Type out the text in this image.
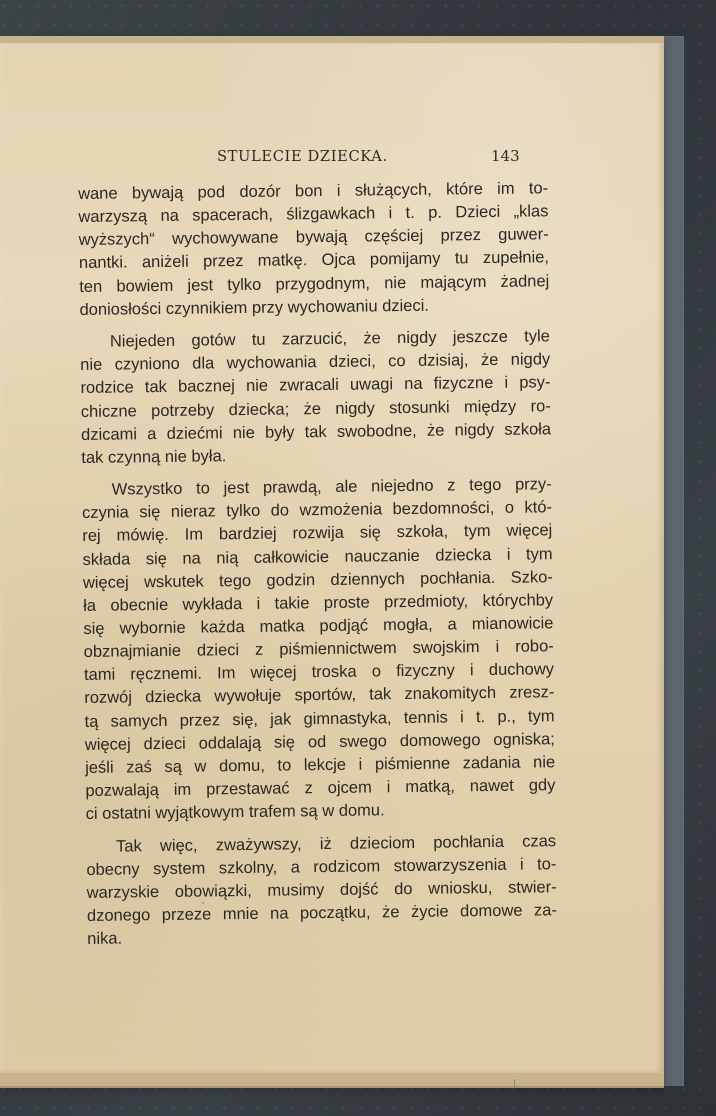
STULECIE DZIECKA.	143
wane bywają pod dozór bon i służących, które im to-
warzyszą na spacerach, ślizgawkach i t. p. Dzieci „klas
wyższych“ wychowywane bywają częściej przez guwer-
nantki. aniżeli przez matkę. Ojca pomijamy tu zupełnie,
ten bowiem jest tylko przygodnym, nie mającym żadnej
doniosłości czynnikiem przy wychowaniu dzieci.
Niejeden gotów tu zarzucić, że nigdy jeszcze tyle
nie czyniono dla wychowania dzieci, co dzisiaj, że nigdy
rodzice tak bacznej nie zwracali uwagi na fizyczne i psy-
chiczne potrzeby dziecka; że nigdy stosunki między ro-
dzicami a dziećmi nie były tak swobodne, że nigdy szkoła
tak czynną nie była.
Wszystko to jest prawdą, ale niejedno z tego przy-
czynia się nieraz tylko do wzmożenia bezdomności, o któ-
rej mówię. Im bardziej rozwija się szkoła, tym więcej
składa się na nią całkowicie nauczanie dziecka i tym
więcej wskutek tego godzin dziennych pochłania. Szko-
ła obecnie wykłada i takie proste przedmioty, którychby
się wybornie każda matka podjąć mogła, a mianowicie
obznajmianie dzieci z piśmiennictwem swojskim i robo-
tami ręcznemi. Im więcej troska o fizyczny i duchowy
rozwój dziecka wywołuje sportów, tak znakomitych zresz-
tą samych przez się, jak gimnastyka, tennis i t. p., tym
więcej dzieci oddalają się od swego domowego ogniska;
jeśli zaś są w domu, to lekcje i piśmienne zadania nie
pozwalają im przestawać z ojcem i matką, nawet gdy
ci ostatni wyjątkowym trafem są w domu.
Tak więc, zważywszy, iż dzieciom pochłania czas
obecny system szkolny, a rodzicom stowarzyszenia i to-
warzyskie obowiązki, musimy dojść do wniosku, stwier-
dzonego przeze mnie na początku, że życie domowe za-
nika.
